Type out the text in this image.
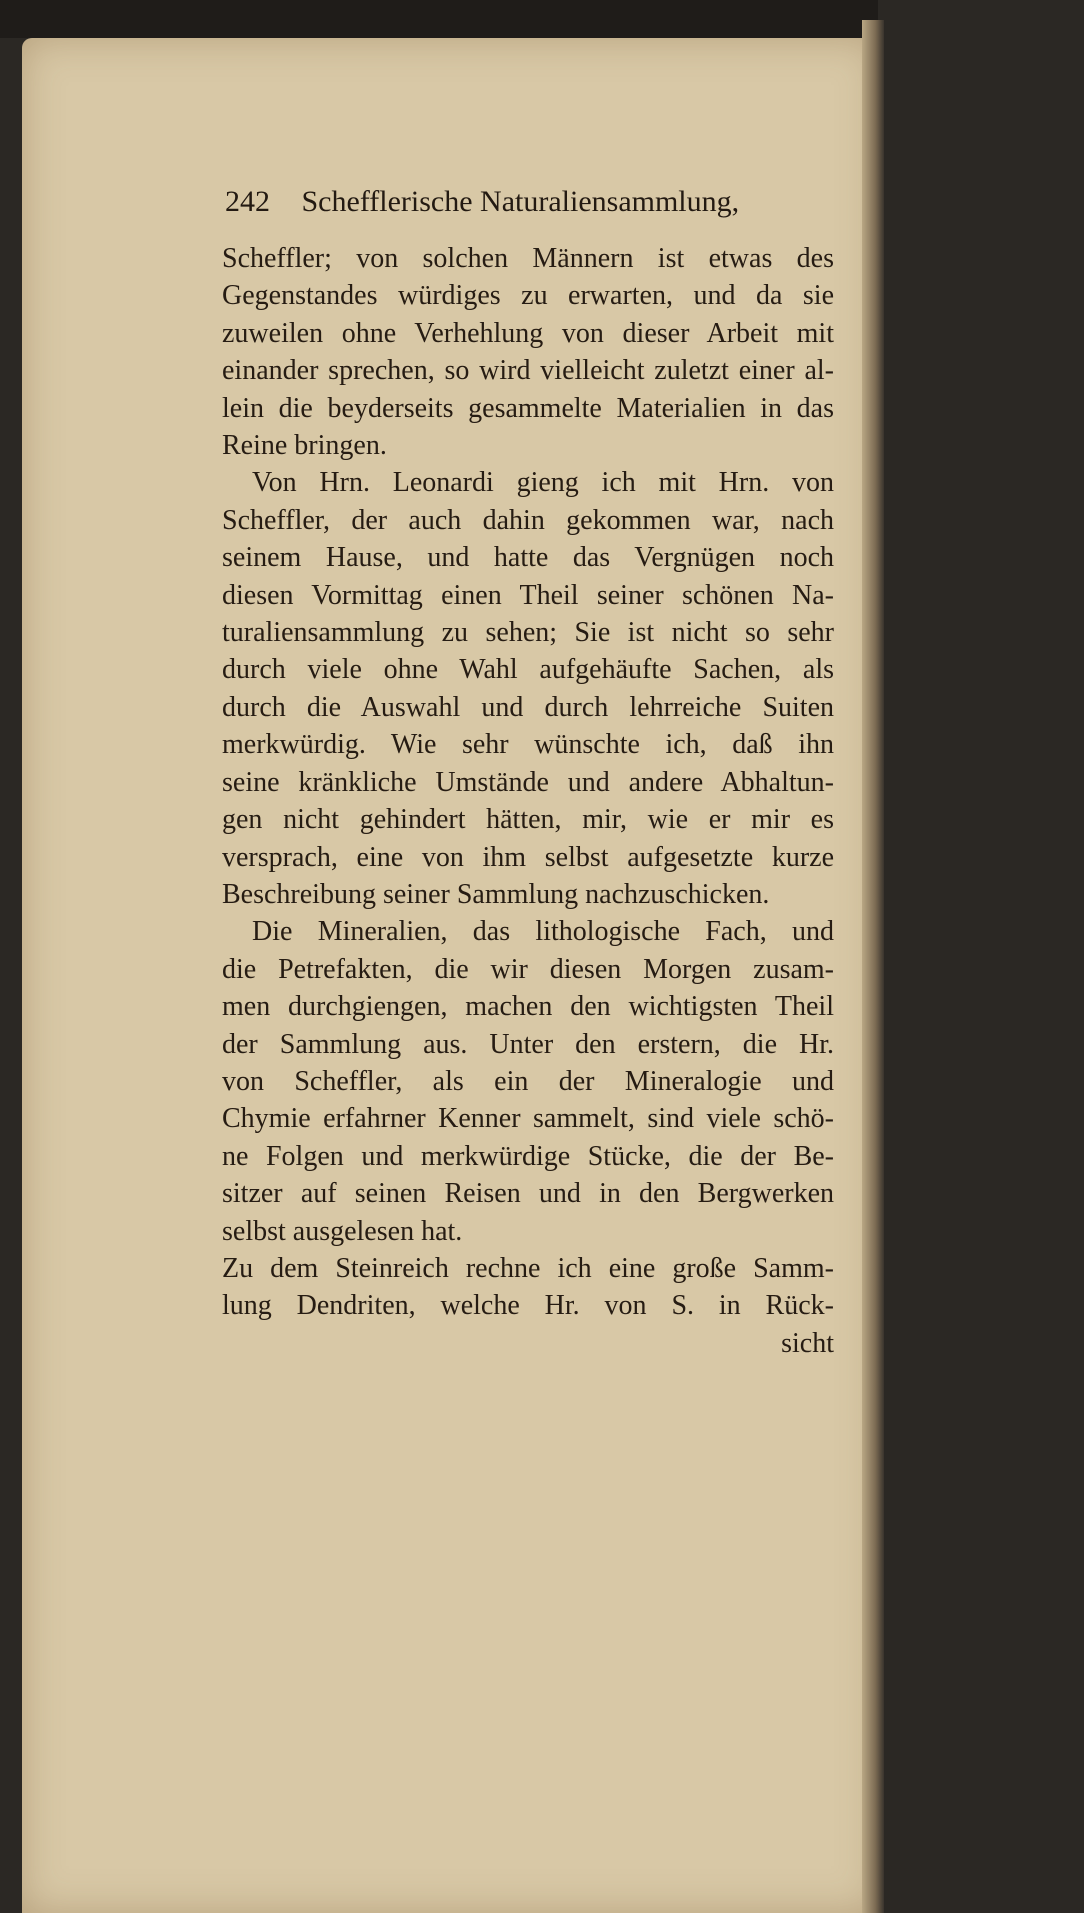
242 Schefflerische Naturaliensammlung,
Scheffler; von solchen Männern ist etwas des
Gegenstandes würdiges zu erwarten, und da sie
zuweilen ohne Verhehlung von dieser Arbeit mit
einander sprechen, so wird vielleicht zuletzt einer al-
lein die beyderseits gesammelte Materialien in das
Reine bringen.
Von Hrn. Leonardi gieng ich mit Hrn. von
Scheffler, der auch dahin gekommen war, nach
seinem Hause, und hatte das Vergnügen noch
diesen Vormittag einen Theil seiner schönen Na-
turaliensammlung zu sehen; Sie ist nicht so sehr
durch viele ohne Wahl aufgehäufte Sachen, als
durch die Auswahl und durch lehrreiche Suiten
merkwürdig. Wie sehr wünschte ich, daß ihn
seine kränkliche Umstände und andere Abhaltun-
gen nicht gehindert hätten, mir, wie er mir es
versprach, eine von ihm selbst aufgesetzte kurze
Beschreibung seiner Sammlung nachzuschicken.
Die Mineralien, das lithologische Fach, und
die Petrefakten, die wir diesen Morgen zusam-
men durchgiengen, machen den wichtigsten Theil
der Sammlung aus. Unter den erstern, die Hr.
von Scheffler, als ein der Mineralogie und
Chymie erfahrner Kenner sammelt, sind viele schö-
ne Folgen und merkwürdige Stücke, die der Be-
sitzer auf seinen Reisen und in den Bergwerken
selbst ausgelesen hat.
Zu dem Steinreich rechne ich eine große Samm-
lung Dendriten, welche Hr. von S. in Rück-
sicht
